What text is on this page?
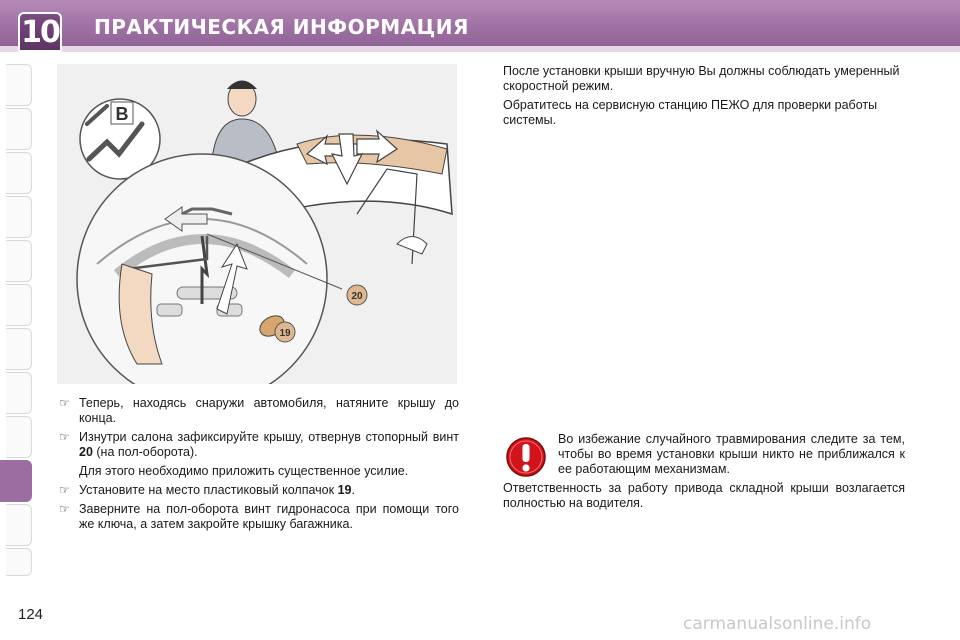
10 ПРАКТИЧЕСКАЯ ИНФОРМАЦИЯ
B
20
19
☞ Теперь, находясь снаружи автомобиля, натяните крышу до конца.
☞ Изнутри салона зафиксируйте крышу, отвернув стопорный винт 20 (на пол-оборота).
Для этого необходимо приложить существенное усилие.
☞ Установите на место пластиковый колпачок 19.
☞ Заверните на пол-оборота винт гидронасоса при помощи того же ключа, а затем закройте крышку багажника.

После установки крыши вручную Вы должны соблюдать умеренный скоростной режим.

Обратитесь на сервисную станцию ПЕЖО для проверки работы системы.

Во избежание случайного травмирования следите за тем, чтобы во время установки крыши никто не приближался к ее работающим механизмам.
Ответственность за работу привода складной крыши возлагается полностью на водителя.
124	carmanualsonline.info
